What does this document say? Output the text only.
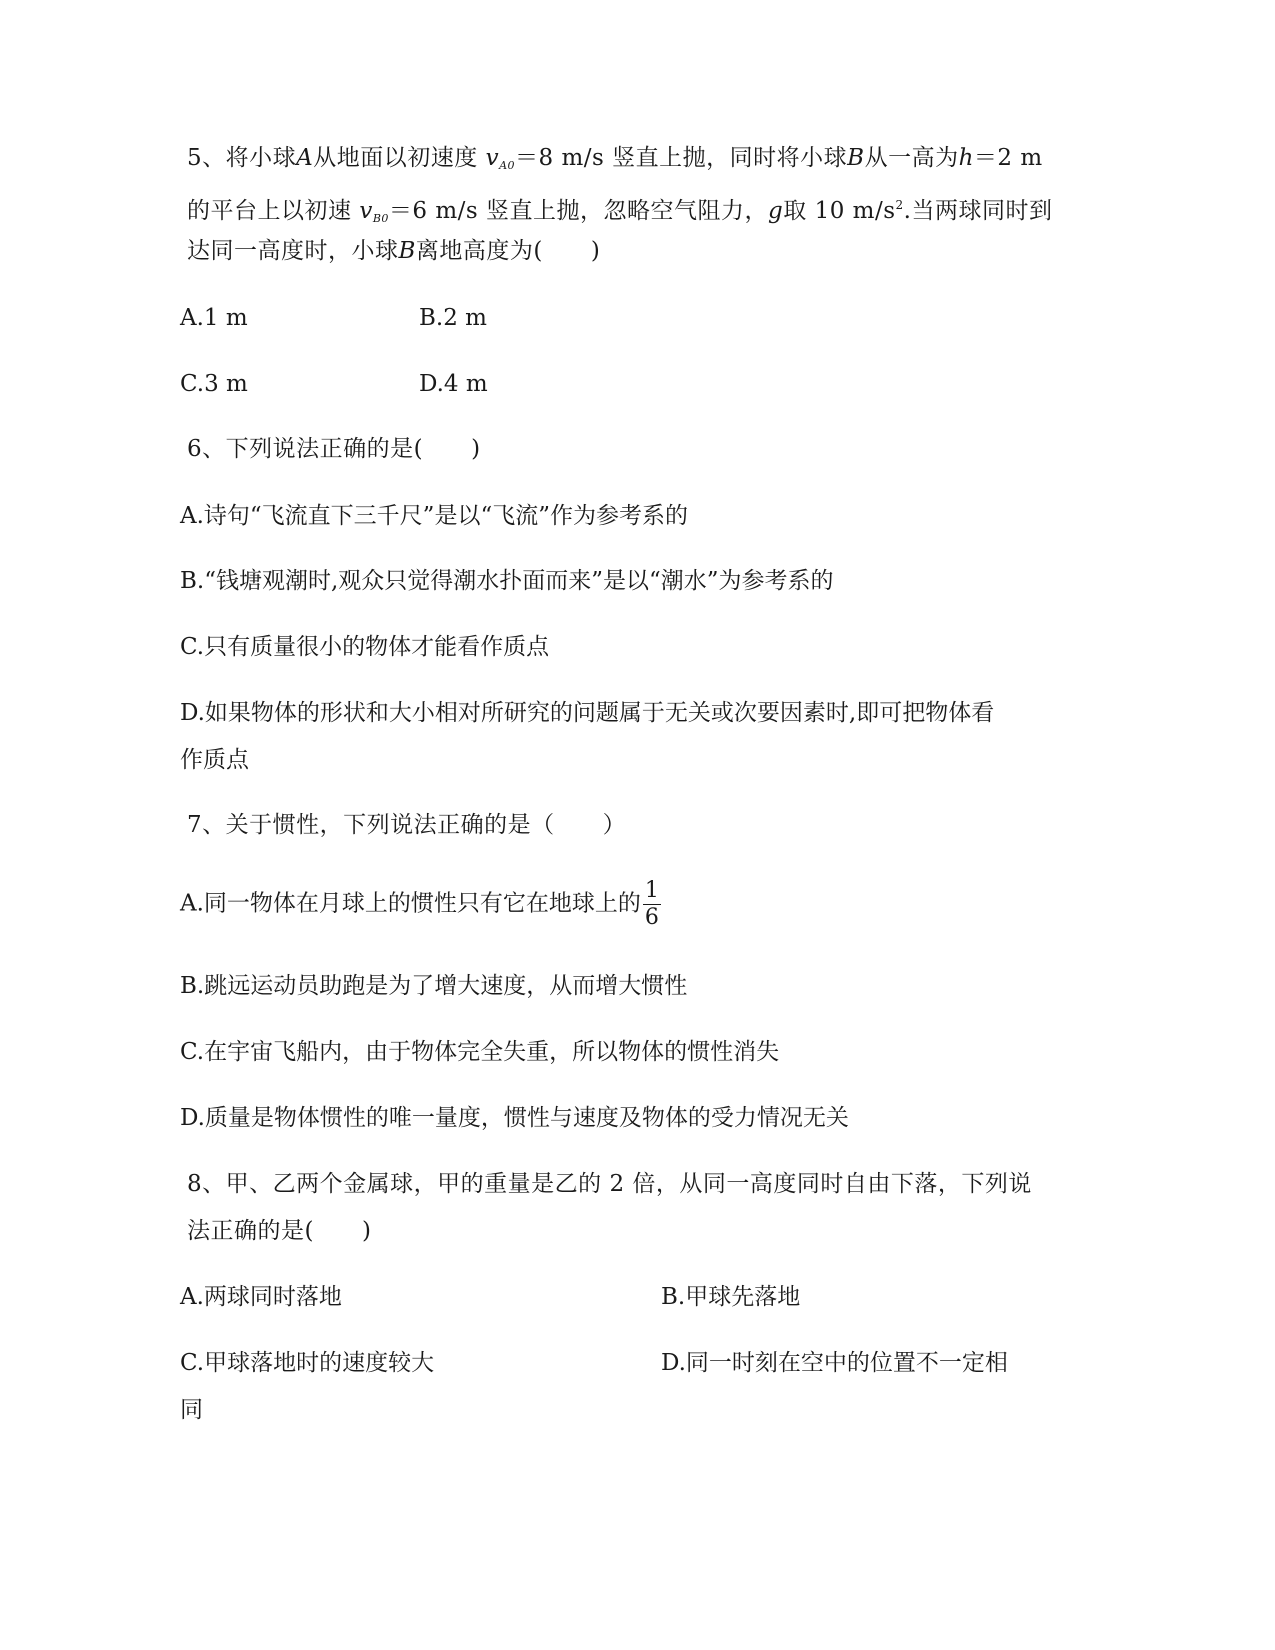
5、将小球A从地面以初速度 $v_{A0}=8$ m/s 竖直上抛，同时将小球B从一高为h＝2 m
的平台上以初速 $v_{B0}=6$ m/s 竖直上抛，忽略空气阻力，g取 10 $m/s^2$.当两球同时到
达同一高度时，小球B离地高度为( )
A.1 m	B.2 m
C.3 m	D.4 m
6、下列说法正确的是( )
A.诗句“飞流直下三千尺”是以“飞流”作为参考系的
B.“钱塘观潮时,观众只觉得潮水扑面而来”是以“潮水”为参考系的
C.只有质量很小的物体才能看作质点
D.如果物体的形状和大小相对所研究的问题属于无关或次要因素时,即可把物体看
作质点
7、关于惯性，下列说法正确的是（ ）
A.同一物体在月球上的惯性只有它在地球上的 $\frac{1}{6}$
B.跳远运动员助跑是为了增大速度，从而增大惯性
C.在宇宙飞船内，由于物体完全失重，所以物体的惯性消失
D.质量是物体惯性的唯一量度，惯性与速度及物体的受力情况无关
8、甲、乙两个金属球，甲的重量是乙的 2 倍，从同一高度同时自由下落，下列说
法正确的是( )
A.两球同时落地	B.甲球先落地
C.甲球落地时的速度较大	D.同一时刻在空中的位置不一定相
同
